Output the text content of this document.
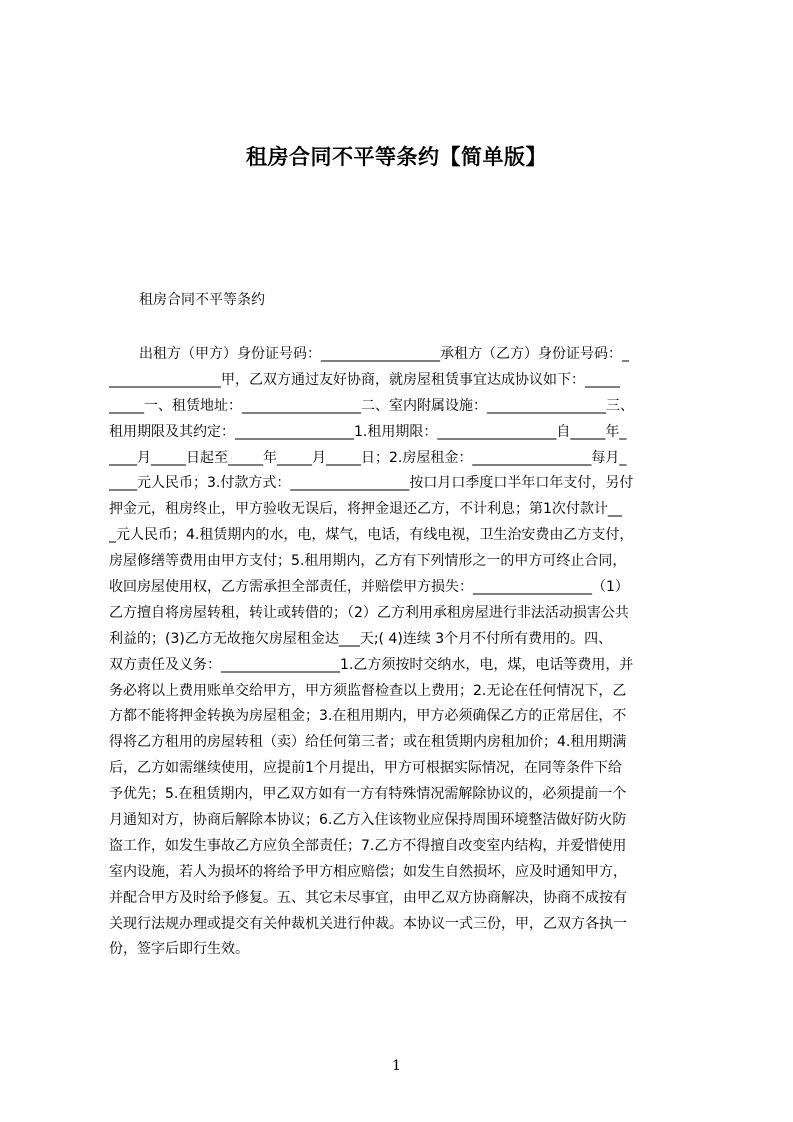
租房合同不平等条约【简单版】
租房合同不平等条约
出租方（甲方）身份证号码：_________________承租方（乙方）身份证号码：_
________________甲，乙双方通过友好协商，就房屋租赁事宜达成协议如下：_____
_____一、租赁地址：_________________二、室内附属设施：_________________三、
租用期限及其约定：_________________1.租用期限：_________________自_____年_
____月_____日起至_____年_____月_____日；2.房屋租金：_________________每月_
____元人民币；3.付款方式：_________________按口月口季度口半年口年支付，另付
押金元，租房终止，甲方验收无误后，将押金退还乙方，不计利息；第1次付款计__
_元人民币；4.租赁期内的水，电，煤气，电话，有线电视，卫生治安费由乙方支付，
房屋修缮等费用由甲方支付；5.租用期内，乙方有下列情形之一的甲方可终止合同，
收回房屋使用权，乙方需承担全部责任，并赔偿甲方损失：_________________（1）
乙方擅自将房屋转租，转让或转借的；（2）乙方利用承租房屋进行非法活动损害公共
利益的；(3)乙方无故拖欠房屋租金达___天;( 4)连续 3个月不付所有费用的。四、
双方责任及义务：_________________1.乙方须按时交纳水，电，煤，电话等费用，并
务必将以上费用账单交给甲方，甲方须监督检查以上费用；2.无论在任何情况下，乙
方都不能将押金转换为房屋租金；3.在租用期内，甲方必须确保乙方的正常居住，不
得将乙方租用的房屋转租（卖）给任何第三者；或在租赁期内房租加价；4.租用期满
后，乙方如需继续使用，应提前1个月提出，甲方可根据实际情况，在同等条件下给
予优先；5.在租赁期内，甲乙双方如有一方有特殊情况需解除协议的，必须提前一个
月通知对方，协商后解除本协议；6.乙方入住该物业应保持周围环境整洁做好防火防
盗工作，如发生事故乙方应负全部责任；7.乙方不得擅自改变室内结构，并爱惜使用
室内设施，若人为损坏的将给予甲方相应赔偿；如发生自然损坏，应及时通知甲方，
并配合甲方及时给予修复。五、其它未尽事宜，由甲乙双方协商解决，协商不成按有
关现行法规办理或提交有关仲裁机关进行仲裁。本协议一式三份，甲，乙双方各执一
份，签字后即行生效。
1
